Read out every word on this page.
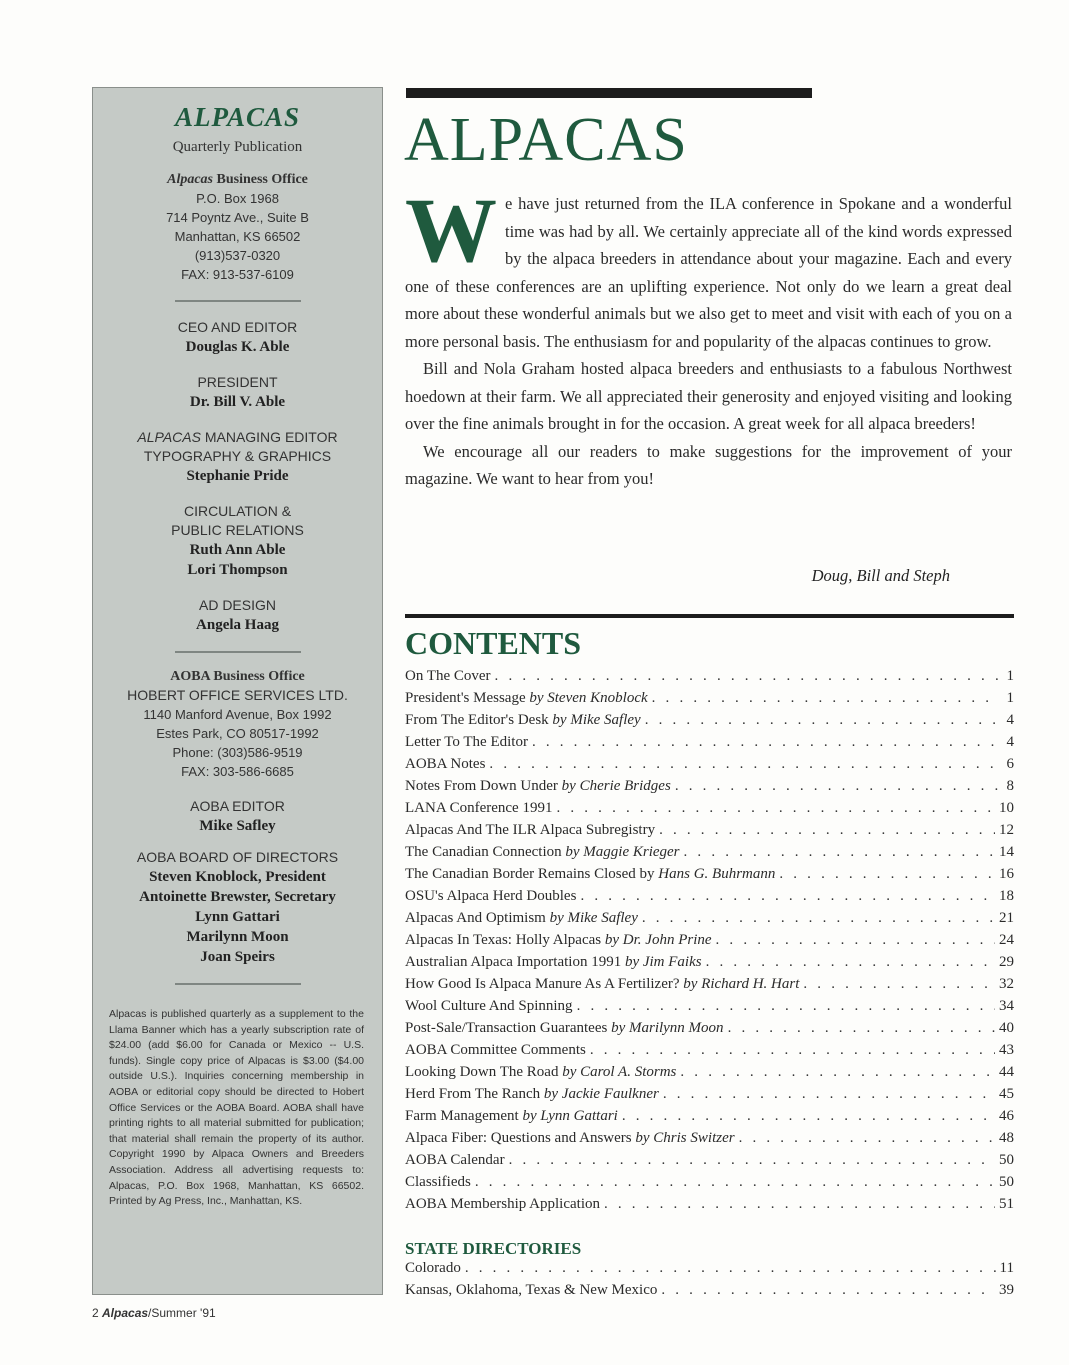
ALPACAS
Quarterly Publication
Alpacas Business Office
P.O. Box 1968
714 Poyntz Ave., Suite B
Manhattan, KS 66502
(913)537-0320
FAX: 913-537-6109
CEO AND EDITOR
Douglas K. Able
PRESIDENT
Dr. Bill V. Able
ALPACAS MANAGING EDITOR
TYPOGRAPHY & GRAPHICS
Stephanie Pride
CIRCULATION &
PUBLIC RELATIONS
Ruth Ann Able
Lori Thompson
AD DESIGN
Angela Haag
AOBA Business Office
HOBERT OFFICE SERVICES LTD.
1140 Manford Avenue, Box 1992
Estes Park, CO 80517-1992
Phone: (303)586-9519
FAX: 303-586-6685
AOBA EDITOR
Mike Safley
AOBA BOARD OF DIRECTORS
Steven Knoblock, President
Antoinette Brewster, Secretary
Lynn Gattari
Marilynn Moon
Joan Speirs
Alpacas is published quarterly as a supplement to the Llama Banner which has a yearly subscription rate of $24.00 (add $6.00 for Canada or Mexico -- U.S. funds). Single copy price of Alpacas is $3.00 ($4.00 outside U.S.). Inquiries concerning membership in AOBA or editorial copy should be directed to Hobert Office Services or the AOBA Board. AOBA shall have printing rights to all material submitted for publication; that material shall remain the property of its author. Copyright 1990 by Alpaca Owners and Breeders Association. Address all advertising requests to: Alpacas, P.O. Box 1968, Manhattan, KS 66502. Printed by Ag Press, Inc., Manhattan, KS.
2 Alpacas/Summer '91
ALPACAS

We have just returned from the ILA conference in Spokane and a wonderful time was had by all. We certainly appreciate all of the kind words expressed by the alpaca breeders in attendance about your magazine. Each and every one of these conferences are an uplifting experience. Not only do we learn a great deal more about these wonderful animals but we also get to meet and visit with each of you on a more personal basis. The enthusiasm for and popularity of the alpacas continues to grow.

Bill and Nola Graham hosted alpaca breeders and enthusiasts to a fabulous Northwest hoedown at their farm. We all appreciated their generosity and enjoyed visiting and looking over the fine animals brought in for the occasion. A great week for all alpaca breeders!

We encourage all our readers to make suggestions for the improvement of your magazine. We want to hear from you!

Doug, Bill and Steph
CONTENTS
On The Cover . . .	1
President's Message by Steven Knoblock . . .	1
From The Editor's Desk by Mike Safley . . .	4
Letter To The Editor . . .	4
AOBA Notes . . .	6
Notes From Down Under by Cherie Bridges . . .	8
LANA Conference 1991 . . .	10
Alpacas And The ILR Alpaca Subregistry . . .	12
The Canadian Connection by Maggie Krieger . . .	14
The Canadian Border Remains Closed by Hans G. Buhrmann . . .	16
OSU's Alpaca Herd Doubles . . .	18
Alpacas And Optimism by Mike Safley . . .	21
Alpacas In Texas: Holly Alpacas by Dr. John Prine . . .	24
Australian Alpaca Importation 1991 by Jim Faiks . . .	29
How Good Is Alpaca Manure As A Fertilizer? by Richard H. Hart . . .	32
Wool Culture And Spinning . . .	34
Post-Sale/Transaction Guarantees by Marilynn Moon . . .	40
AOBA Committee Comments . . .	43
Looking Down The Road by Carol A. Storms . . .	44
Herd From The Ranch by Jackie Faulkner . . .	45
Farm Management by Lynn Gattari . . .	46
Alpaca Fiber: Questions and Answers by Chris Switzer . . .	48
AOBA Calendar . . .	50
Classifieds . . .	50
AOBA Membership Application . . .	51
STATE DIRECTORIES
Colorado . . .	11
Kansas, Oklahoma, Texas & New Mexico . . .	39
